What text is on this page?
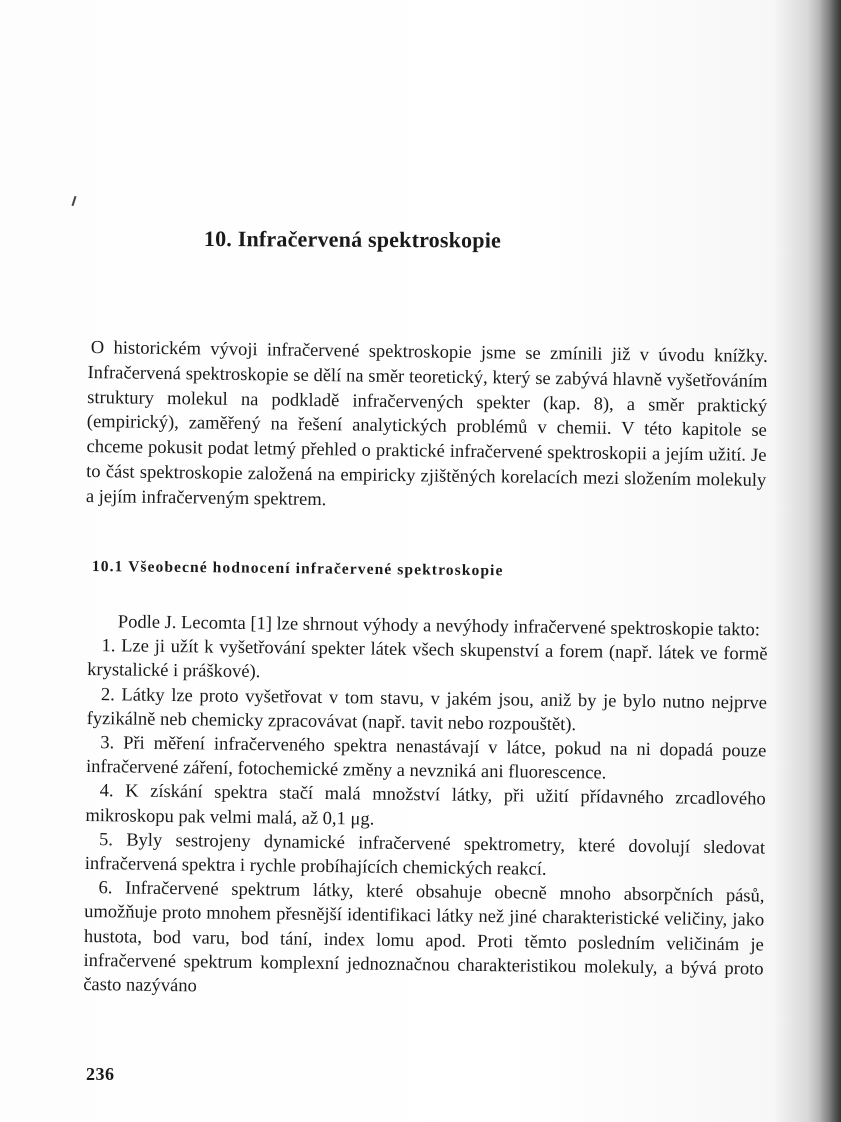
10. Infračervená spektroskopie

O historickém vývoji infračervené spektroskopie jsme se zmínili již v úvodu knížky. Infračervená spektroskopie se dělí na směr teoretický, který se zabývá hlavně vyšetřováním struktury molekul na podkladě infračervených spekter (kap. 8), a směr praktický (empirický), zaměřený na řešení analytických problémů v chemii. V této kapitole se chceme pokusit podat letmý přehled o praktické infračervené spektroskopii a jejím užití. Je to část spektroskopie založená na empiricky zjištěných korelacích mezi složením molekuly a jejím infračerveným spektrem.

10.1 Všeobecné hodnocení infračervené spektroskopie

Podle J. Lecomta [1] lze shrnout výhody a nevýhody infračervené spektroskopie takto:

1. Lze ji užít k vyšetřování spekter látek všech skupenství a forem (např. látek ve formě krystalické i práškové).

2. Látky lze proto vyšetřovat v tom stavu, v jakém jsou, aniž by je bylo nutno nejprve fyzikálně neb chemicky zpracovávat (např. tavit nebo rozpouštět).

3. Při měření infračerveného spektra nenastávají v látce, pokud na ni dopadá pouze infračervené záření, fotochemické změny a nevzniká ani fluorescence.

4. K získání spektra stačí malá množství látky, při užití přídavného zrcadlového mikroskopu pak velmi malá, až 0,1 μg.

5. Byly sestrojeny dynamické infračervené spektrometry, které dovolují sledovat infračervená spektra i rychle probíhajících chemických reakcí.

6. Infračervené spektrum látky, které obsahuje obecně mnoho absorpčních pásů, umožňuje proto mnohem přesnější identifikaci látky než jiné charakteristické veličiny, jako hustota, bod varu, bod tání, index lomu apod. Proti těmto posledním veličinám je infračervené spektrum komplexní jednoznačnou charakteristikou molekuly, a bývá proto často nazýváno

236
